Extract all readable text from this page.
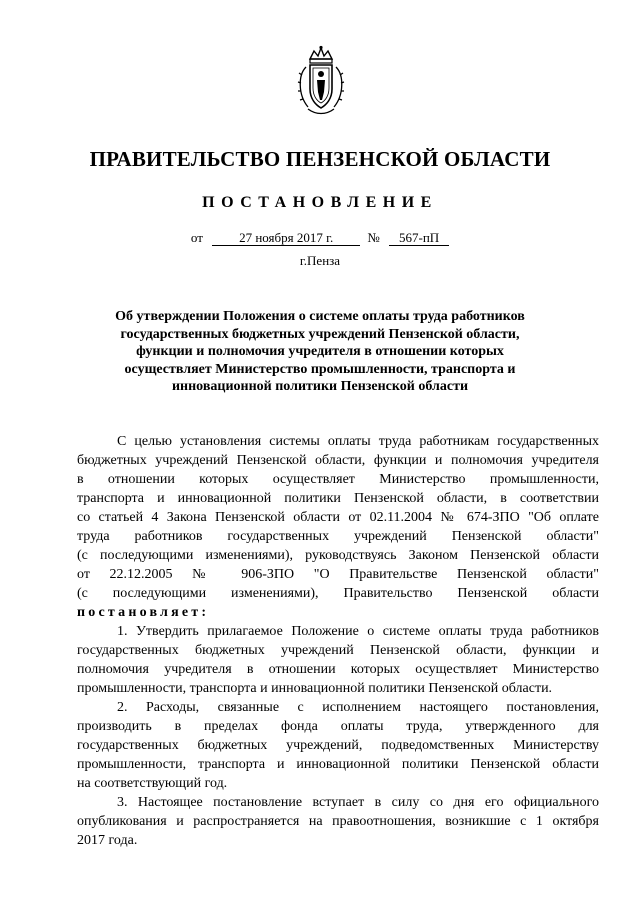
ПРАВИТЕЛЬСТВО ПЕНЗЕНСКОЙ ОБЛАСТИ
ПОСТАНОВЛЕНИЕ
от	27 ноября 2017 г.	№ 567-пП
г.Пенза
Об утверждении Положения о системе оплаты труда работников
государственных бюджетных учреждений Пензенской области,
функции и полномочия учредителя в отношении которых
осуществляет Министерство промышленности, транспорта и
инновационной политики Пензенской области
С целью установления системы оплаты труда работникам государственных
бюджетных учреждений Пензенской области, функции и полномочия учредителя
в отношении которых осуществляет Министерство промышленности,
транспорта и инновационной политики Пензенской области, в соответствии
со статьей 4 Закона Пензенской области от 02.11.2004 № 674-ЗПО "Об оплате
труда работников государственных учреждений Пензенской области"
(с последующими изменениями), руководствуясь Законом Пензенской области
от 22.12.2005 № 906-ЗПО "О Правительстве Пензенской области"
(с последующими изменениями), Правительство Пензенской области
постановляет:
1. Утвердить прилагаемое Положение о системе оплаты труда работников
государственных бюджетных учреждений Пензенской области, функции и
полномочия учредителя в отношении которых осуществляет Министерство
промышленности, транспорта и инновационной политики Пензенской области.
2. Расходы, связанные с исполнением настоящего постановления,
производить в пределах фонда оплаты труда, утвержденного для
государственных бюджетных учреждений, подведомственных Министерству
промышленности, транспорта и инновационной политики Пензенской области
на соответствующий год.
3. Настоящее постановление вступает в силу со дня его официального
опубликования и распространяется на правоотношения, возникшие с 1 октября
2017 года.
